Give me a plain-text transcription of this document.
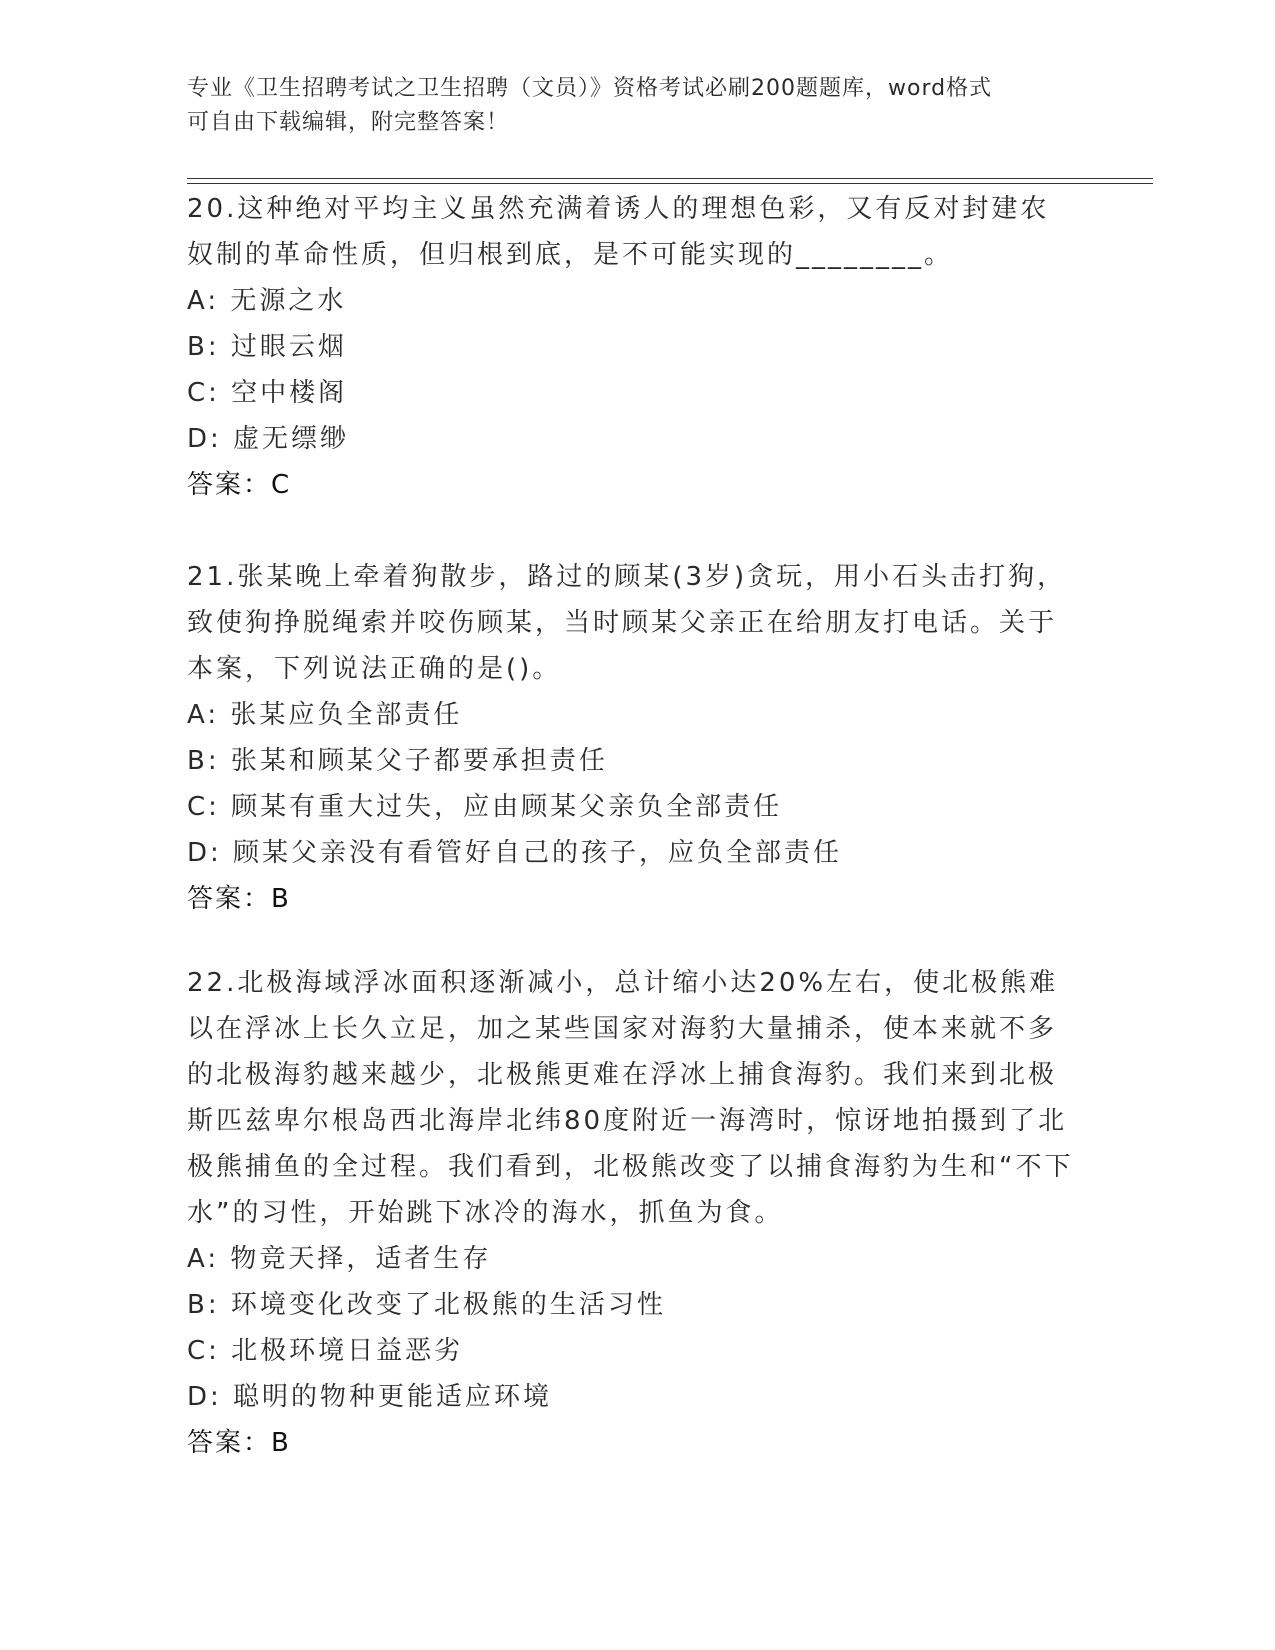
专业《卫生招聘考试之卫生招聘（文员）》资格考试必刷200题题库，word格式
可自由下载编辑，附完整答案！

20.这种绝对平均主义虽然充满着诱人的理想色彩，又有反对封建农奴制的革命性质，但归根到底，是不可能实现的________。

A: 无源之水

B: 过眼云烟

C: 空中楼阁

D: 虚无缥缈

答案：C

21.张某晚上牵着狗散步，路过的顾某(3岁)贪玩，用小石头击打狗，致使狗挣脱绳索并咬伤顾某，当时顾某父亲正在给朋友打电话。关于本案，下列说法正确的是()。

A: 张某应负全部责任

B: 张某和顾某父子都要承担责任

C: 顾某有重大过失，应由顾某父亲负全部责任

D: 顾某父亲没有看管好自己的孩子，应负全部责任

答案：B

22.北极海域浮冰面积逐渐减小，总计缩小达20%左右，使北极熊难以在浮冰上长久立足，加之某些国家对海豹大量捕杀，使本来就不多的北极海豹越来越少，北极熊更难在浮冰上捕食海豹。我们来到北极斯匹兹卑尔根岛西北海岸北纬80度附近一海湾时，惊讶地拍摄到了北极熊捕鱼的全过程。我们看到，北极熊改变了以捕食海豹为生和“不下水”的习性，开始跳下冰冷的海水，抓鱼为食。

A: 物竞天择，适者生存

B: 环境变化改变了北极熊的生活习性

C: 北极环境日益恶劣

D: 聪明的物种更能适应环境

答案：B
